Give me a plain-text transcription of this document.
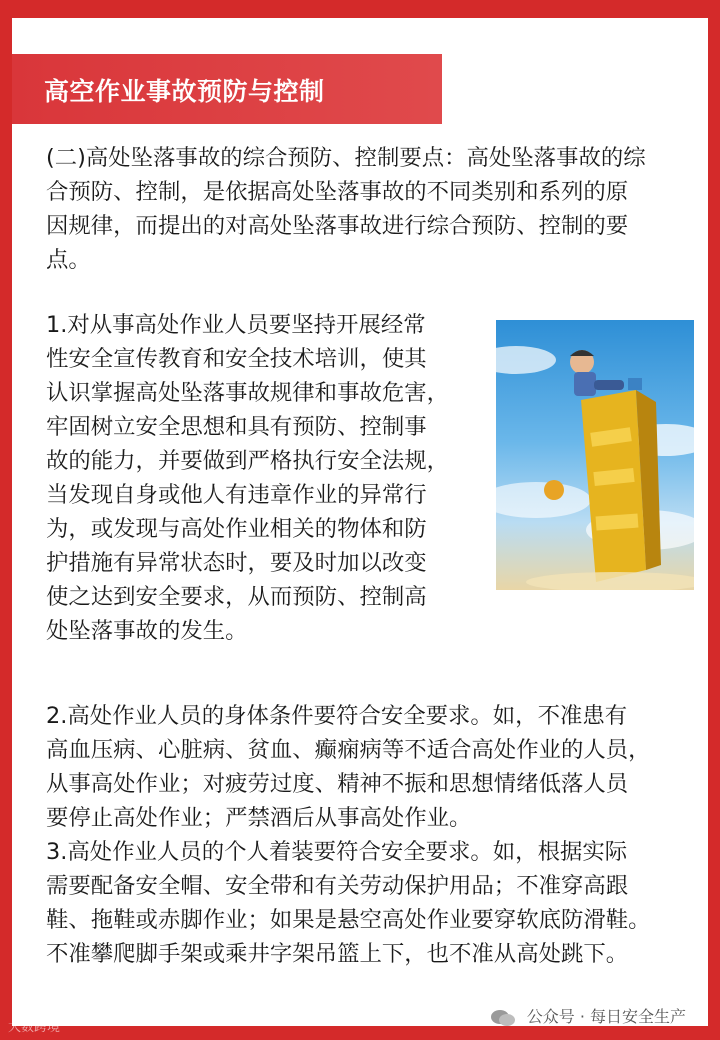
高空作业事故预防与控制
(二)高处坠落事故的综合预防、控制要点：高处坠落事故的综
合预防、控制，是依据高处坠落事故的不同类别和系列的原
因规律，而提出的对高处坠落事故进行综合预防、控制的要
点。
1.对从事高处作业人员要坚持开展经常
性安全宣传教育和安全技术培训，使其
认识掌握高处坠落事故规律和事故危害，
牢固树立安全思想和具有预防、控制事
故的能力，并要做到严格执行安全法规，
当发现自身或他人有违章作业的异常行
为，或发现与高处作业相关的物体和防
护措施有异常状态时，要及时加以改变
使之达到安全要求，从而预防、控制高
处坠落事故的发生。
2.高处作业人员的身体条件要符合安全要求。如，不准患有
高血压病、心脏病、贫血、癫痫病等不适合高处作业的人员，
从事高处作业；对疲劳过度、精神不振和思想情绪低落人员
要停止高处作业；严禁酒后从事高处作业。
3.高处作业人员的个人着装要符合安全要求。如，根据实际
需要配备安全帽、安全带和有关劳动保护用品；不准穿高跟
鞋、拖鞋或赤脚作业；如果是悬空高处作业要穿软底防滑鞋。
不准攀爬脚手架或乘井字架吊篮上下，也不准从高处跳下。
公众号 · 每日安全生产
大数跨境
